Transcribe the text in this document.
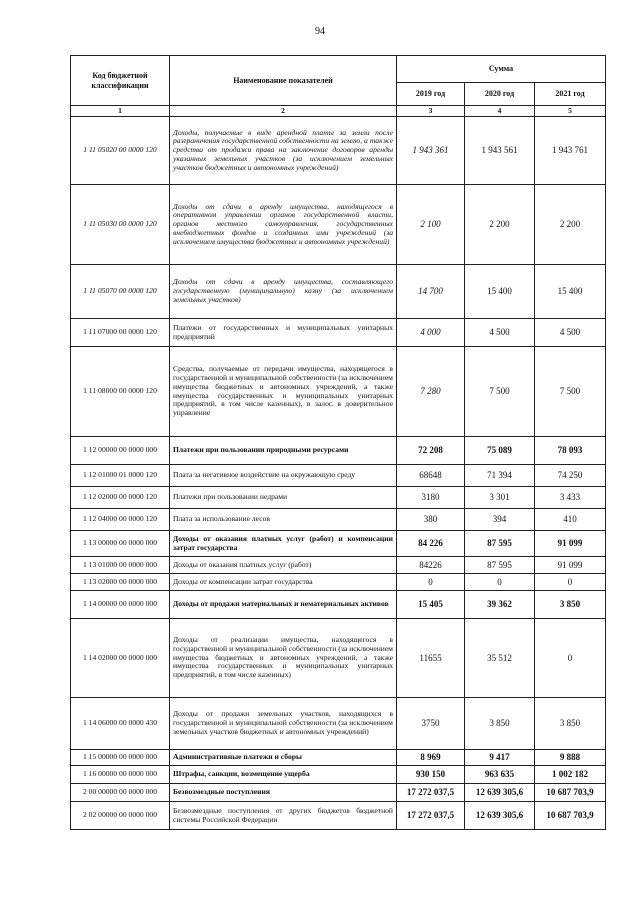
94
Код бюджетной классификации	Наименование показателей	Сумма		
		2019 год	2020 год	2021 год
1	2	3	4	5
1 11 05020 00 0000 120	Доходы, получаемые в виде арендной платы за земли после разграничения государственной собственности на землю, а также средства от продажи права на заключение договоров аренды указанных земельных участков (за исключением земельных участков бюджетных и автономных учреждений)	1 943 361	1 943 561	1 943 761
1 11 05030 00 0000 120	Доходы от сдачи в аренду имущества, находящегося в оперативном управлении органов государственной власти, органов местного самоуправления, государственных внебюджетных фондов и созданных ими учреждений (за исключением имущества бюджетных и автономных учреждений)	2 100	2 200	2 200
1 11 05070 00 0000 120	Доходы от сдачи в аренду имущества, составляющего государственную (муниципальную) казну (за исключением земельных участков)	14 700	15 400	15 400
1 11 07000 00 0000 120	Платежи от государственных и муниципальных унитарных предприятий	4 000	4 500	4 500
1 11 08000 00 0000 120	Средства, получаемые от передачи имущества, находящегося в государственной и муниципальной собственности (за исключением имущества бюджетных и автономных учреждений, а также имущества государственных и муниципальных унитарных предприятий, в том числе казенных), в залог, в доверительное управление	7 280	7 500	7 500
1 12 00000 00 0000 000	Платежи при пользовании природными ресурсами	72 208	75 089	78 093
1 12 01000 01 0000 120	Плата за негативное воздействие на окружающую среду	68648	71 394	74 250
1 12 02000 00 0000 120	Платежи при пользовании недрами	3180	3 301	3 433
1 12 04000 00 0000 120	Плата за использование лесов	380	394	410
1 13 00000 00 0000 000	Доходы от оказания платных услуг (работ) и компенсации затрат государства	84 226	87 595	91 099
1 13 01000 00 0000 000	Доходы от оказания платных услуг (работ)	84226	87 595	91 099
1 13 02000 00 0000 000	Доходы от компенсации затрат государства	0	0	0
1 14 00000 00 0000 000	Доходы от продажи материальных и нематериальных активов	15 405	39 362	3 850
1 14 02000 00 0000 000	Доходы от реализации имущества, находящегося в государственной и муниципальной собственности (за исключением имущества бюджетных и автономных учреждений, а также имущества государственных и муниципальных унитарных предприятий, в том числе казенных)	11655	35 512	0
1 14 06000 00 0000 430	Доходы от продажи земельных участков, находящихся в государственной и муниципальной собственности (за исключением земельных участков бюджетных и автономных учреждений)	3750	3 850	3 850
1 15 00000 00 0000 000	Административные платежи и сборы	8 969	9 417	9 888
1 16 00000 00 0000 000	Штрафы, санкции, возмещение ущерба	930 150	963 635	1 002 182
2 00 00000 00 0000 000	Безвозмездные поступления	17 272 037,5	12 639 305,6	10 687 703,9
2 02 00000 00 0000 000	Безвозмездные поступления от других бюджетов бюджетной системы Российской Федерации	17 272 037,5	12 639 305,6	10 687 703,9
